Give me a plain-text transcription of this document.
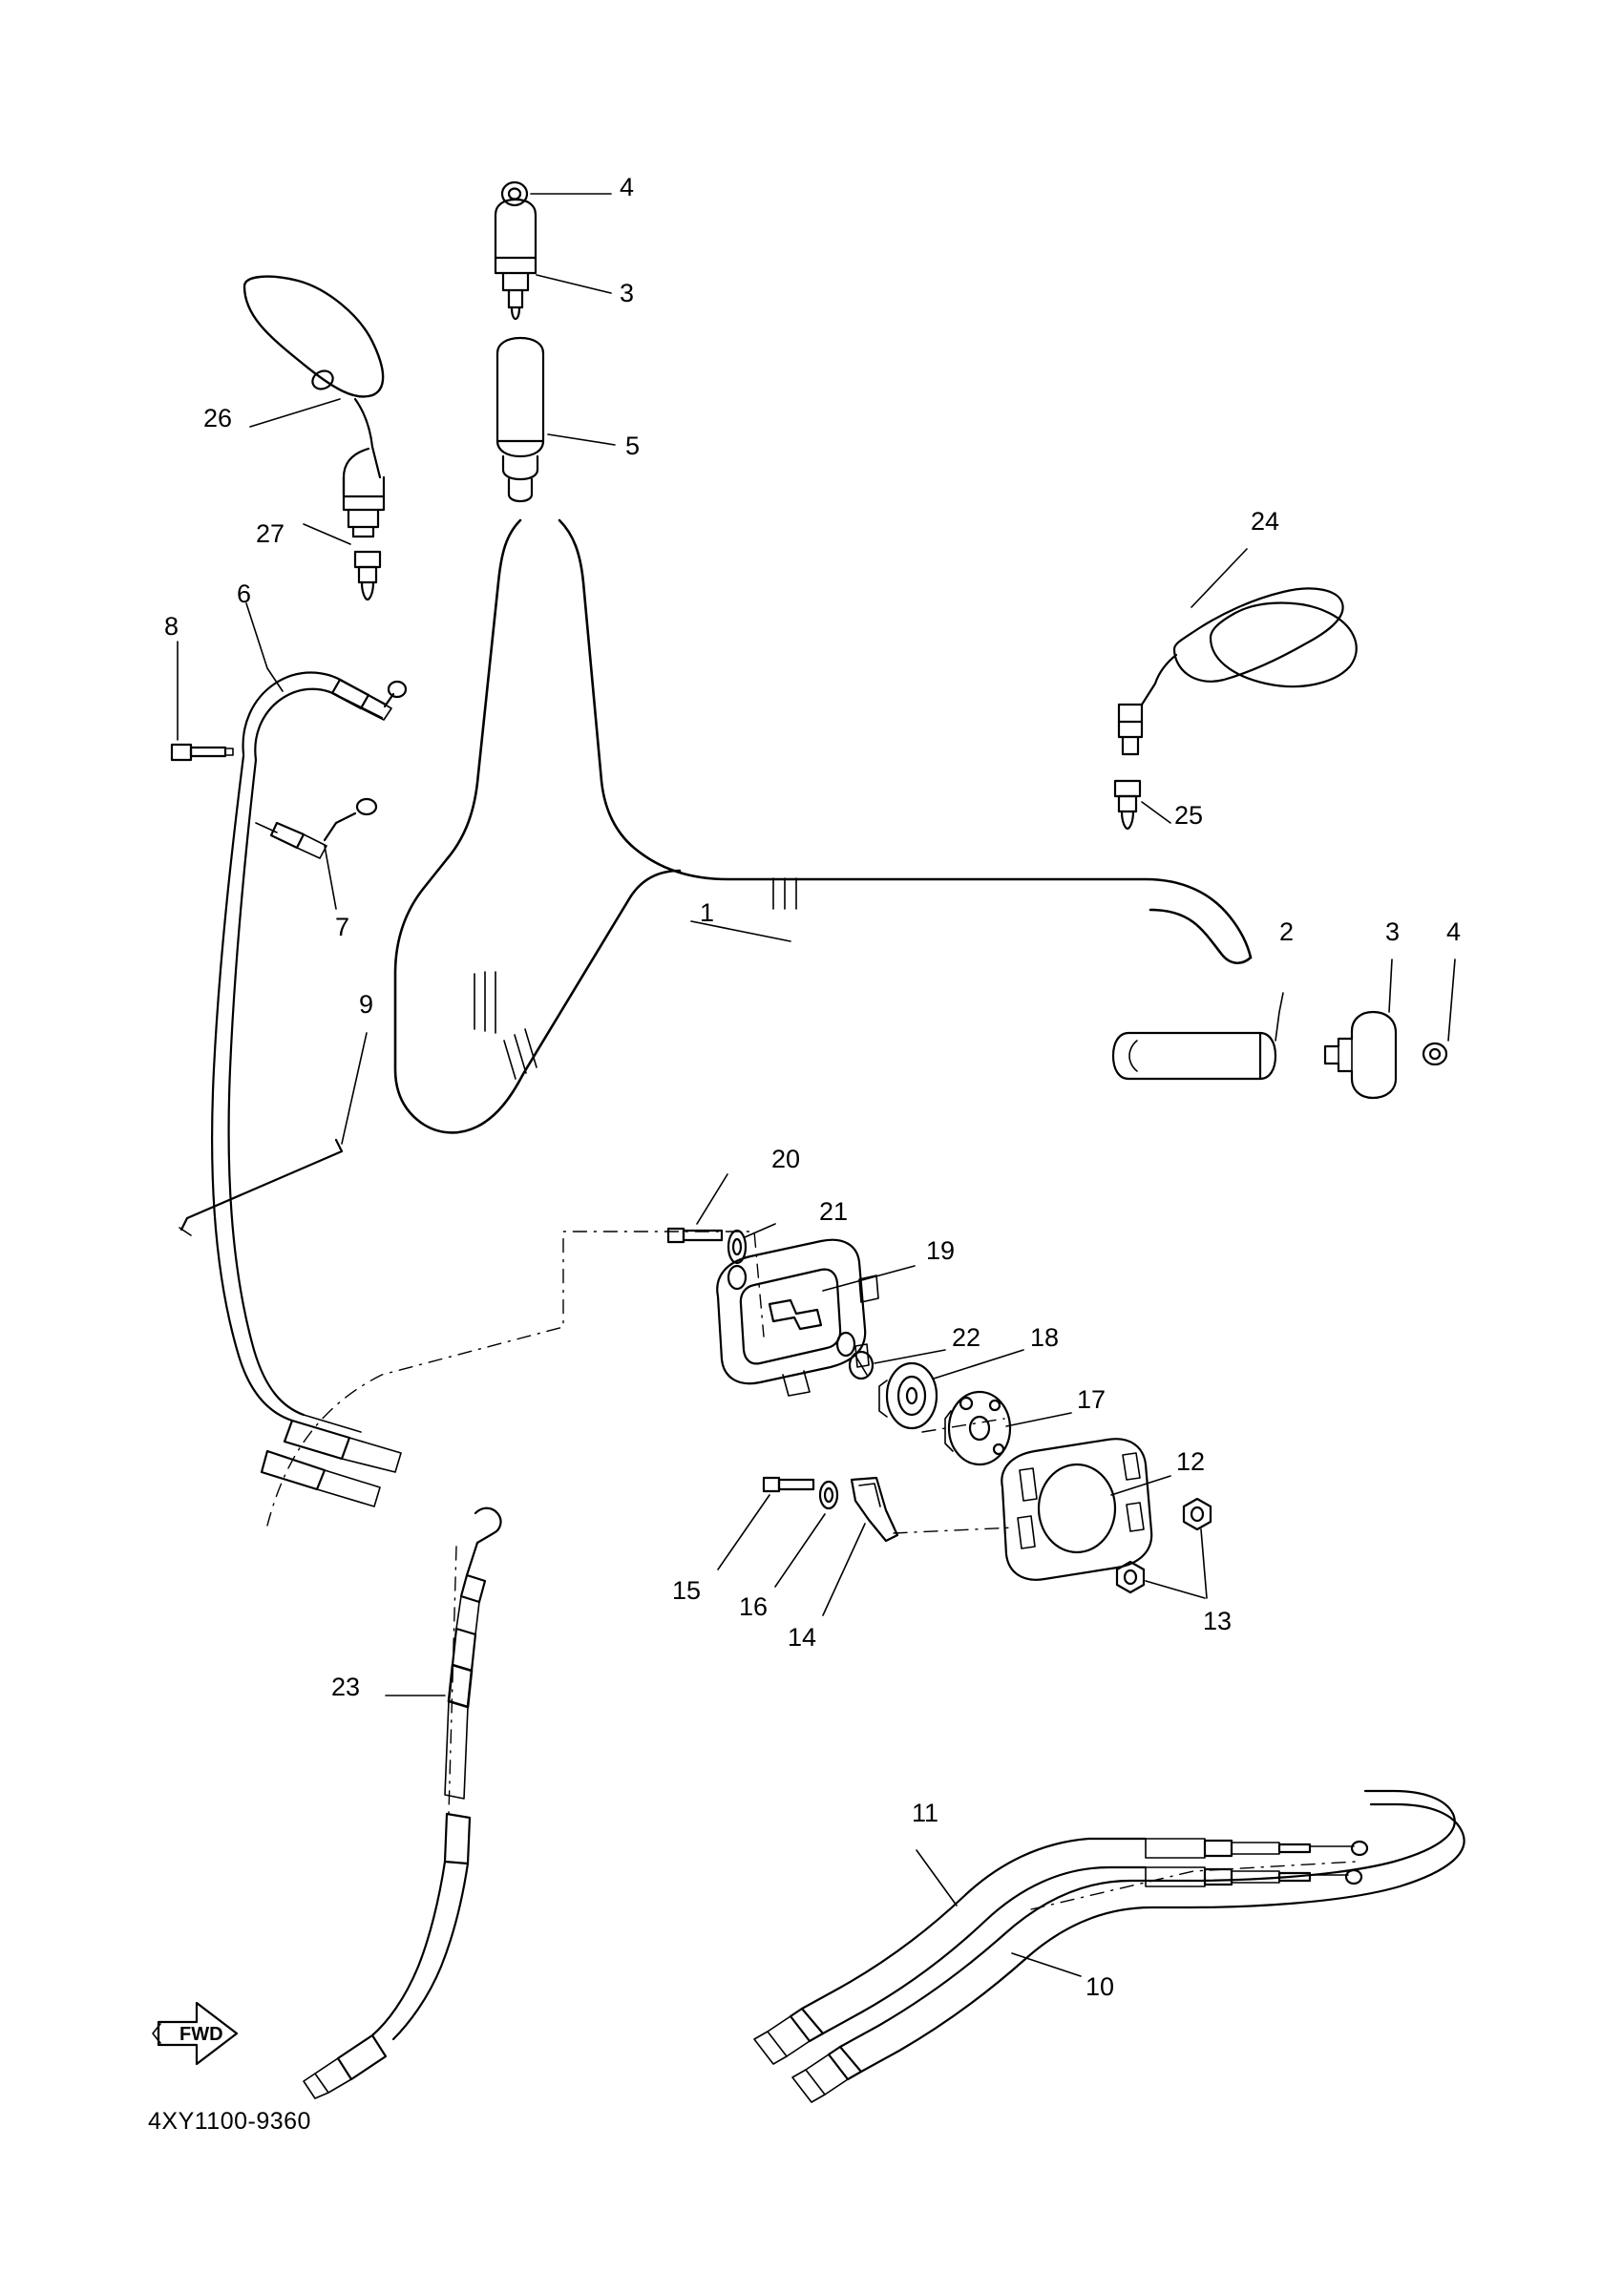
4
3
5
26
27	24
8
6
7
25
1
2	3 4
9
20
21
19
22 18
17
12
15
16
14
13
23
11
10
FWD
4XY1100-9360
